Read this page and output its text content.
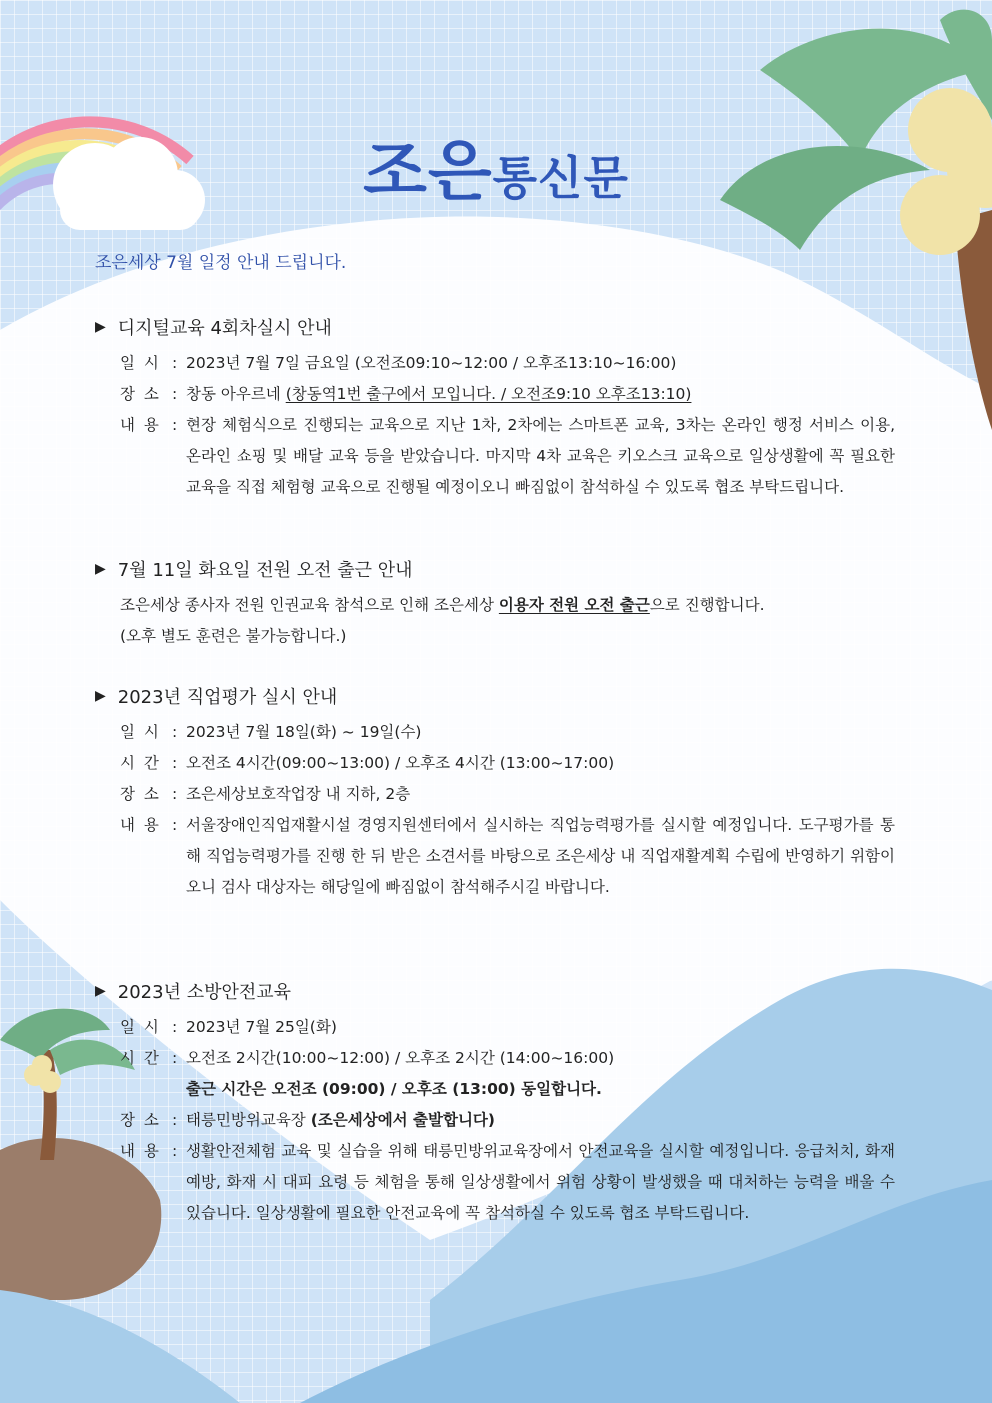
조은통신문
조은세상 7월 일정 안내 드립니다.
▶ 디지털교육 4회차실시 안내
일 시 : 2023년 7월 7일 금요일 (오전조09:10~12:00 / 오후조13:10~16:00)
장 소 : 창동 아우르네 (창동역1번 출구에서 모입니다. / 오전조9:10 오후조13:10)
내 용 : 현장 체험식으로 진행되는 교육으로 지난 1차, 2차에는 스마트폰 교육, 3차는 온라인 행정 서비스 이용, 온라인 쇼핑 및 배달 교육 등을 받았습니다. 마지막 4차 교육은 키오스크 교육으로 일상생활에 꼭 필요한 교육을 직접 체험형 교육으로 진행될 예정이오니 빠짐없이 참석하실 수 있도록 협조 부탁드립니다.
▶ 7월 11일 화요일 전원 오전 출근 안내
조은세상 종사자 전원 인권교육 참석으로 인해 조은세상 이용자 전원 오전 출근으로 진행합니다.
(오후 별도 훈련은 불가능합니다.)
▶ 2023년 직업평가 실시 안내
일 시 : 2023년 7월 18일(화) ~ 19일(수)
시 간 : 오전조 4시간(09:00~13:00) / 오후조 4시간 (13:00~17:00)
장 소 : 조은세상보호작업장 내 지하, 2층
내 용 : 서울장애인직업재활시설 경영지원센터에서 실시하는 직업능력평가를 실시할 예정입니다. 도구평가를 통해 직업능력평가를 진행 한 뒤 받은 소견서를 바탕으로 조은세상 내 직업재활계획 수립에 반영하기 위함이오니 검사 대상자는 해당일에 빠짐없이 참석해주시길 바랍니다.
▶ 2023년 소방안전교육
일 시 : 2023년 7월 25일(화)
시 간 : 오전조 2시간(10:00~12:00) / 오후조 2시간 (14:00~16:00)
출근 시간은 오전조 (09:00) / 오후조 (13:00) 동일합니다.
장 소 : 태릉민방위교육장 (조은세상에서 출발합니다)
내 용 : 생활안전체험 교육 및 실습을 위해 태릉민방위교육장에서 안전교육을 실시할 예정입니다. 응급처치, 화재 예방, 화재 시 대피 요령 등 체험을 통해 일상생활에서 위험 상황이 발생했을 때 대처하는 능력을 배울 수 있습니다. 일상생활에 필요한 안전교육에 꼭 참석하실 수 있도록 협조 부탁드립니다.
